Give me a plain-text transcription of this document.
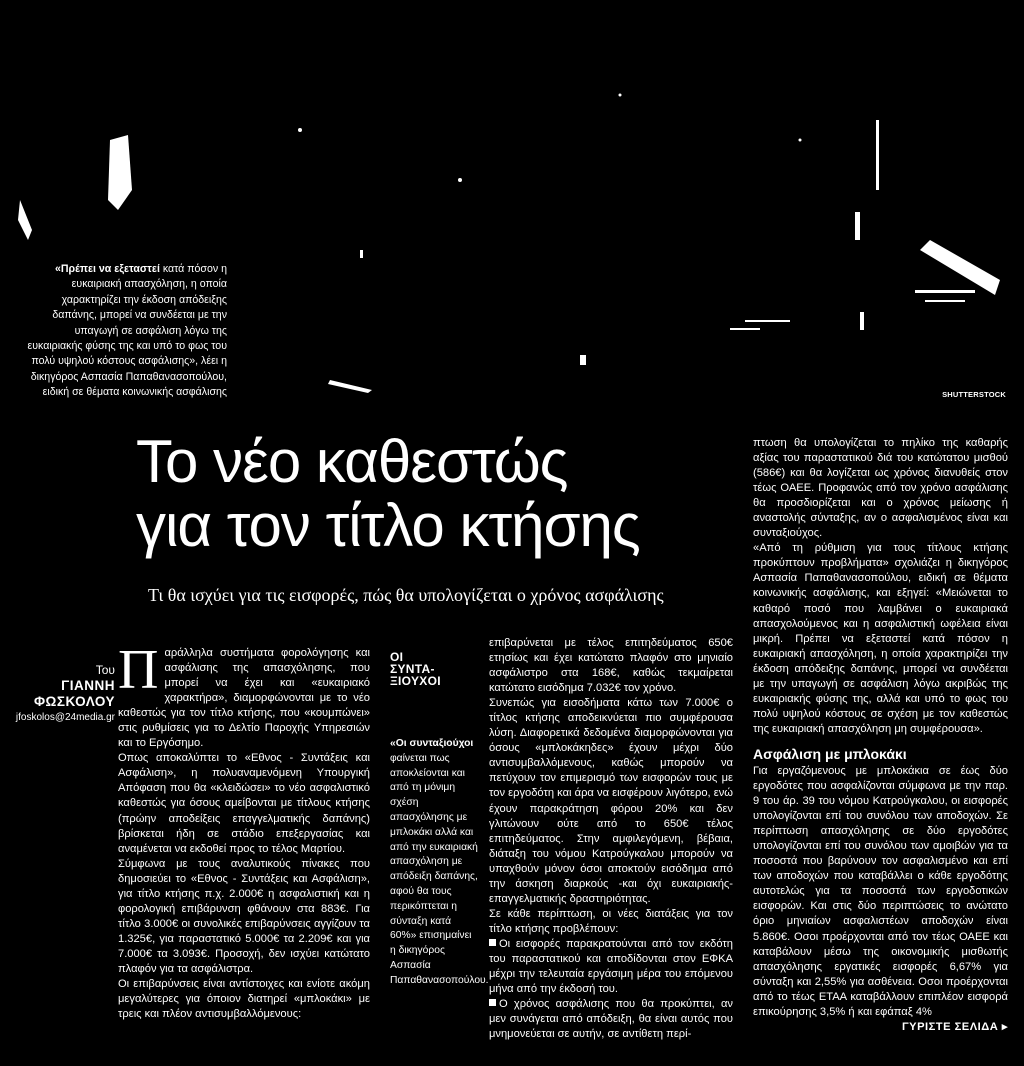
«Πρέπει να εξεταστεί κατά πόσον η ευκαιριακή απασχόληση, η οποία χαρακτηρίζει την έκδοση απόδειξης δαπάνης, μπορεί να συνδέεται με την υπαγωγή σε ασφάλιση λόγω της ευκαιριακής φύσης της και υπό το φως του πολύ υψηλού κόστους ασφάλισης», λέει η δικηγόρος Ασπασία Παπαθανασοπούλου, ειδική σε θέματα κοινωνικής ασφάλισης	SHUTTERSTOCK
Το νέο καθεστώς
για τον τίτλο κτήσης
Τι θα ισχύει για τις εισφορές, πώς θα υπολογίζεται ο χρόνος ασφάλισης
Του
ΓΙΑΝΝΗ
ΦΩΣΚΟΛΟΥ
jfoskolos@24media.gr
Π αράλληλα συστήματα φορολόγησης και ασφάλισης της απασχόλησης, που μπορεί να έχει και «ευκαιριακό χαρακτήρα», διαμορφώνονται με το νέο καθεστώς για τον τίτλο κτήσης, που «κουμπώνει» στις ρυθμίσεις για το Δελτίο Παροχής Υπηρεσιών και το Εργόσημο.

Οπως αποκαλύπτει το «Εθνος - Συντάξεις και Ασφάλιση», η πολυαναμενόμενη Υπουργική Απόφαση που θα «κλειδώσει» το νέο ασφαλιστικό καθεστώς για όσους αμείβονται με τίτλους κτήσης (πρώην αποδείξεις επαγγελματικής δαπάνης) βρίσκεται ήδη σε στάδιο επεξεργασίας και αναμένεται να εκδοθεί προς το τέλος Μαρτίου.

Σύμφωνα με τους αναλυτικούς πίνακες που δημοσιεύει το «Εθνος - Συντάξεις και Ασφάλιση», για τίτλο κτήσης π.χ. 2.000€ η ασφαλιστική και η φορολογική επιβάρυνση φθάνουν στα 883€. Για τίτλο 3.000€ οι συνολικές επιβαρύνσεις αγγίζουν τα 1.325€, για παραστατικό 5.000€ τα 2.209€ και για 7.000€ τα 3.093€. Προσοχή, δεν ισχύει κατώτατο πλαφόν για τα ασφάλιστρα.

Οι επιβαρύνσεις είναι αντίστοιχες και ενίοτε ακόμη μεγαλύτερες για όποιον διατηρεί «μπλοκάκι» με τρεις και πλέον αντισυμβαλλόμενους:

ΟΙ
ΣΥΝΤΑ-
ΞΙΟΥΧΟΙ
«Οι συνταξιούχοι φαίνεται πως αποκλείονται και από τη μόνιμη σχέση απασχόλησης με μπλοκάκι αλλά και από την ευκαιριακή απασχόληση με απόδειξη δαπάνης, αφού θα τους περικόπτεται η σύνταξη κατά 60%» επισημαίνει η δικηγόρος Ασπασία Παπαθανασοπούλου.

επιβαρύνεται με τέλος επιτηδεύματος 650€ ετησίως και έχει κατώτατο πλαφόν στο μηνιαίο ασφάλιστρο στα 168€, καθώς τεκμαίρεται κατώτατο εισόδημα 7.032€ τον χρόνο.

Συνεπώς για εισοδήματα κάτω των 7.000€ ο τίτλος κτήσης αποδεικνύεται πιο συμφέρουσα λύση. Διαφορετικά δεδομένα διαμορφώνονται για όσους «μπλοκάκηδες» έχουν μέχρι δύο αντισυμβαλλόμενους, καθώς μπορούν να πετύχουν τον επιμερισμό των εισφορών τους με τον εργοδότη και άρα να εισφέρουν λιγότερο, ενώ έχουν παρακράτηση φόρου 20% και δεν γλιτώνουν ούτε από το 650€ τέλος επιτηδεύματος. Στην αμφιλεγόμενη, βέβαια, διάταξη του νόμου Κατρούγκαλου μπορούν να υπαχθούν μόνον όσοι αποκτούν εισόδημα από την άσκηση διαρκούς -και όχι ευκαιριακής- επαγγελματικής δραστηριότητας.

Σε κάθε περίπτωση, οι νέες διατάξεις για τον τίτλο κτήσης προβλέπουν:

Οι εισφορές παρακρατούνται από τον εκδότη του παραστατικού και αποδίδονται στον ΕΦΚΑ μέχρι την τελευταία εργάσιμη μέρα του επόμενου μήνα από την έκδοσή του.

Ο χρόνος ασφάλισης που θα προκύπτει, αν μεν συνάγεται από απόδειξη, θα είναι αυτός που μνημονεύεται σε αυτήν, σε αντίθετη περί-

πτωση θα υπολογίζεται το πηλίκο της καθαρής αξίας του παραστατικού διά του κατώτατου μισθού (586€) και θα λογίζεται ως χρόνος διανυθείς στον τέως ΟΑΕΕ. Προφανώς από τον χρόνο ασφάλισης θα προσδιορίζεται και ο χρόνος μείωσης ή αναστολής σύνταξης, αν ο ασφαλισμένος είναι και συνταξιούχος.

«Από τη ρύθμιση για τους τίτλους κτήσης προκύπτουν προβλήματα» σχολιάζει η δικηγόρος Ασπασία Παπαθανασοπούλου, ειδική σε θέματα κοινωνικής ασφάλισης, και εξηγεί: «Μειώνεται το καθαρό ποσό που λαμβάνει ο ευκαιριακά απασχολούμενος και η ασφαλιστική ωφέλεια είναι μικρή. Πρέπει να εξεταστεί κατά πόσον η ευκαιριακή απασχόληση, η οποία χαρακτηρίζει την έκδοση απόδειξης δαπάνης, μπορεί να συνδέεται με την υπαγωγή σε ασφάλιση λόγω ακριβώς της ευκαιριακής φύσης της, αλλά και υπό το φως του πολύ υψηλού κόστους σε σχέση με τον καθεστώς της ευκαιριακή απασχόληση μη συμφέρουσα».

Ασφάλιση με μπλοκάκι

Για εργαζόμενους με μπλοκάκια σε έως δύο εργοδότες που ασφαλίζονται σύμφωνα με την παρ. 9 του άρ. 39 του νόμου Κατρούγκαλου, οι εισφορές υπολογίζονται επί του συνόλου των αποδοχών. Σε περίπτωση απασχόλησης σε δύο εργοδότες υπολογίζονται επί του συνόλου των αμοιβών για τα ποσοστά που βαρύνουν τον ασφαλισμένο και επί των αποδοχών που καταβάλλει ο κάθε εργοδότης αυτοτελώς για τα ποσοστά των εργοδοτικών εισφορών. Και στις δύο περιπτώσεις το ανώτατο όριο μηνιαίων ασφαλιστέων αποδοχών είναι 5.860€. Οσοι προέρχονται από τον τέως ΟΑΕΕ και καταβάλουν μέσω της οικονομικής μισθωτής απασχόλησης εργατικές εισφορές 6,67% για σύνταξη και 2,55% για ασθένεια. Οσοι προέρχονται από το τέως ΕΤΑΑ καταβάλλουν επιπλέον εισφορά επικούρησης 3,5% ή και εφάπαξ 4%

ΓΥΡΙΣΤΕ ΣΕΛΙΔΑ ▸
